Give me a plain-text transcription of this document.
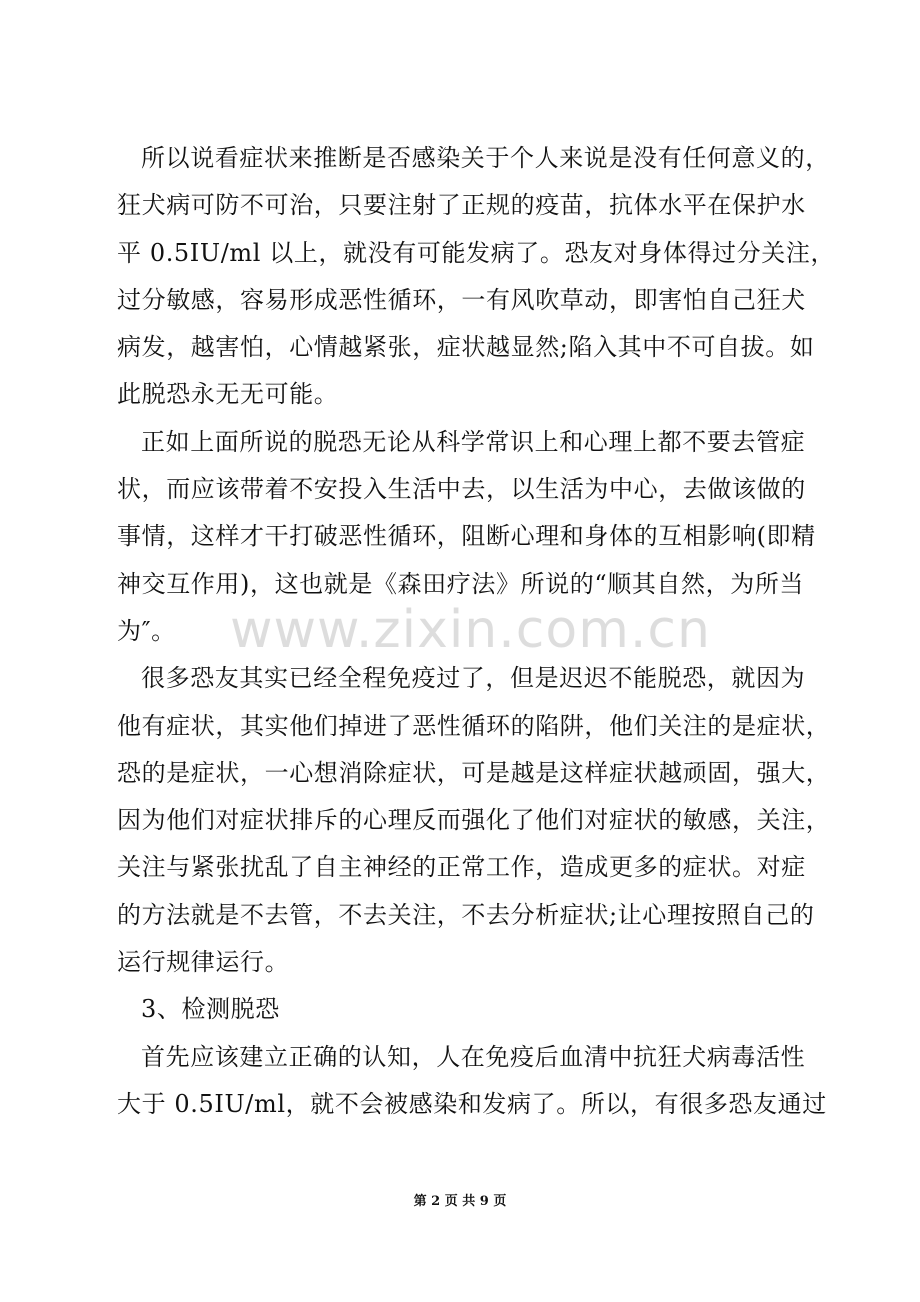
所以说看症状来推断是否感染关于个人来说是没有任何意义的，
狂犬病可防不可治，只要注射了正规的疫苗，抗体水平在保护水
平 0.5IU/ml 以上，就没有可能发病了。恐友对身体得过分关注，
过分敏感，容易形成恶性循环，一有风吹草动，即害怕自己狂犬
病发，越害怕，心情越紧张，症状越显然;陷入其中不可自拔。如
此脱恐永无无可能。
正如上面所说的脱恐无论从科学常识上和心理上都不要去管症
状，而应该带着不安投入生活中去，以生活为中心，去做该做的
事情，这样才干打破恶性循环，阻断心理和身体的互相影响(即精
神交互作用)，这也就是《森田疗法》所说的“顺其自然，为所当
为″。
很多恐友其实已经全程免疫过了，但是迟迟不能脱恐，就因为
他有症状，其实他们掉进了恶性循环的陷阱，他们关注的是症状，
恐的是症状，一心想消除症状，可是越是这样症状越顽固，强大，
因为他们对症状排斥的心理反而强化了他们对症状的敏感，关注，
关注与紧张扰乱了自主神经的正常工作，造成更多的症状。对症
的方法就是不去管，不去关注，不去分析症状;让心理按照自己的
运行规律运行。
3、检测脱恐
首先应该建立正确的认知，人在免疫后血清中抗狂犬病毒活性
大于 0.5IU/ml，就不会被感染和发病了。所以，有很多恐友通过
www.zixin.com.cn
第 2 页 共 9 页
